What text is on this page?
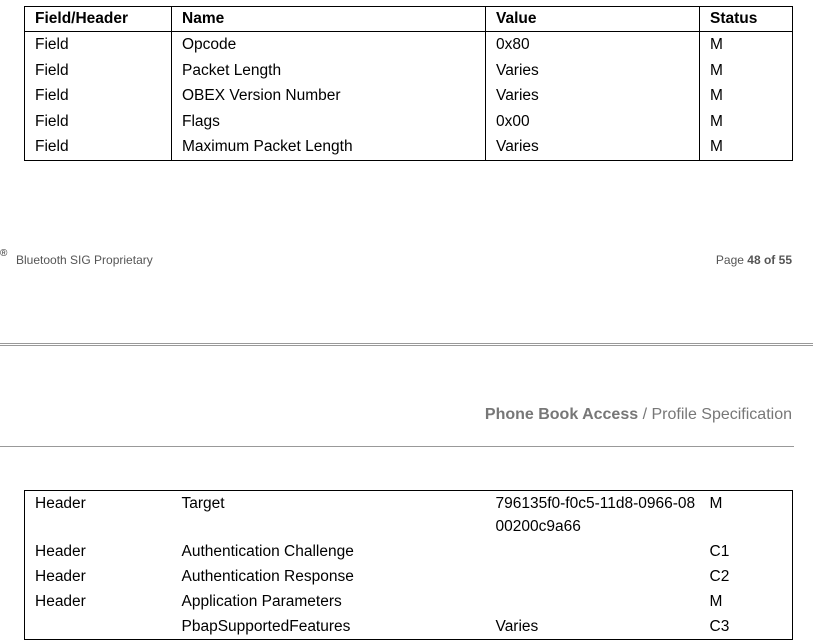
Field/Header	Name	Value	Status
Field	Opcode	0x80	M
Field	Packet Length	Varies	M
Field	OBEX Version Number	Varies	M
Field	Flags	0x00	M
Field	Maximum Packet Length	Varies	M
® Bluetooth SIG Proprietary	Page 48 of 55
Phone Book Access / Profile Specification
Header	Target	796135f0-f0c5-11d8-0966-0800200c9a66	M
Header	Authentication Challenge		C1
Header	Authentication Response		C2
Header	Application Parameters		M
	PbapSupportedFeatures	Varies	C3
